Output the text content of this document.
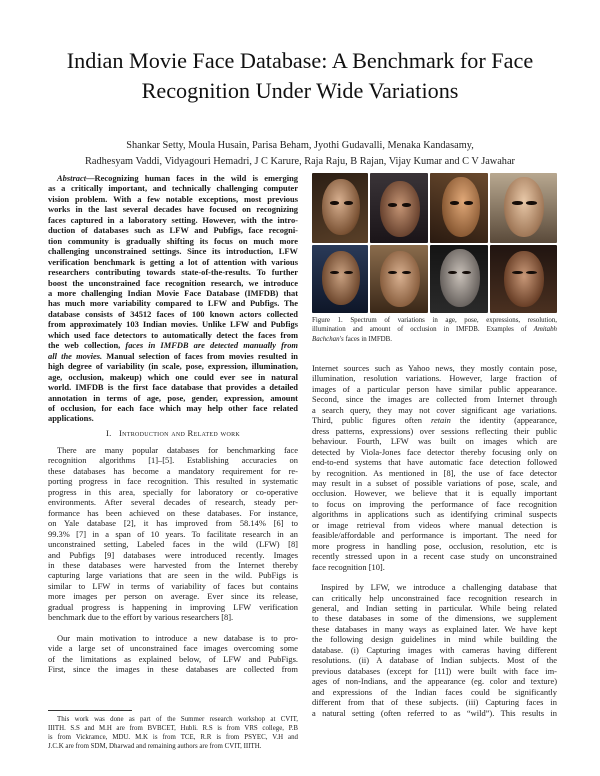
Indian Movie Face Database: A Benchmark for Face
Recognition Under Wide Variations
Shankar Setty, Moula Husain, Parisa Beham, Jyothi Gudavalli, Menaka Kandasamy,
Radhesyam Vaddi, Vidyagouri Hemadri, J C Karure, Raja Raju, B Rajan, Vijay Kumar and C V Jawahar
Abstract—Recognizing human faces in the wild is emerging
as a critically important, and technically challenging computer
vision problem. With a few notable exceptions, most previous
works in the last several decades have focused on recognizing
faces captured in a laboratory setting. However, with the intro-
duction of databases such as LFW and Pubfigs, face recogni-
tion community is gradually shifting its focus on much more
challenging unconstrained settings. Since its introduction, LFW
verification benchmark is getting a lot of attention with various
researchers contributing towards state-of-the-results. To further
boost the unconstrained face recognition research, we introduce
a more challenging Indian Movie Face Database (IMFDB) that
has much more variability compared to LFW and Pubfigs. The
database consists of 34512 faces of 100 known actors collected
from approximately 103 Indian movies. Unlike LFW and Pubfigs
which used face detectors to automatically detect the faces from
the web collection, faces in IMFDB are detected manually from
all the movies. Manual selection of faces from movies resulted in
high degree of variability (in scale, pose, expression, illumination,
age, occlusion, makeup) which one could ever see in natural
world. IMFDB is the first face database that provides a detailed
annotation in terms of age, pose, gender, expression, amount
of occlusion, for each face which may help other face related
applications.
I. Introduction and Related work
There are many popular databases for benchmarking face
recognition algorithms [1]–[5]. Establishing accuracies on
these databases has become a mandatory requirement for re-
porting progress in face recognition. This resulted in systematic
progress in this area, specially for laboratory or co-operative
environments. After several decades of research, steady per-
formance has been achieved on these databases. For instance,
on Yale database [2], it has improved from 58.14% [6] to
99.3% [7] in a span of 10 years. To facilitate research in an
unconstrained setting, Labeled faces in the wild (LFW) [8]
and Pubfigs [9] databases were introduced recently. Images
in these databases were harvested from the Internet thereby
capturing large variations that are seen in the wild. PubFigs is
similar to LFW in terms of variability of faces but contains
more images per person on average. Ever since its release,
gradual progress is happening in improving LFW verification
benchmark due to the effort by various researchers [8].
Our main motivation to introduce a new database is to pro-
vide a large set of unconstrained face images overcoming some
of the limitations as explained below, of LFW and PubFigs.
First, since the images in these databases are collected from
This work was done as part of the Summer research workshop at CVIT,
IIITH. S.S and M.H are from BVBCET, Hubli. R.S is from VRS college, P.B
is from Vickramce, MDU. M.K is from TCE, R.R is from PSYEC, V.H and
J.C.K are from SDM, Dharwad and remaining authors are from CVIT, IIITH.
Figure 1. Spectrum of variations in age, pose, expressions, resolution,
illumination and amount of occlusion in IMFDB. Examples of Amitabh
Bachchan's faces in IMFDB.
Internet sources such as Yahoo news, they mostly contain pose,
illumination, resolution variations. However, large fraction of
images of a particular person have similar public appearance.
Second, since the images are collected from Internet through
a search query, they may not cover significant age variations.
Third, public figures often retain the identity (appearance,
dress patterns, expressions) over sessions reflecting their public
behaviour. Fourth, LFW was built on images which are
detected by Viola-Jones face detector thereby focusing only on
end-to-end systems that have automatic face detection followed
by recognition. As mentioned in [8], the use of face detector
may result in a subset of possible variations of pose, scale, and
occlusion. However, we believe that it is equally important
to focus on improving the performance of face recognition
algorithms in applications such as identifying criminal suspects
or image retrieval from videos where manual detection is
feasible/affordable and performance is important. The need for
more progress in handling pose, occlusion, resolution, etc is
recently stressed upon in a recent case study on unconstrained
face recognition [10].
Inspired by LFW, we introduce a challenging database that
can critically help unconstrained face recognition research in
general, and Indian setting in particular. While being related
to these databases in some of the dimensions, we supplement
these databases in many ways as explained later. We have kept
the following design guidelines in mind while building the
database. (i) Capturing images with cameras having different
resolutions. (ii) A database of Indian subjects. Most of the
previous databases (except for [11]) were built with face im-
ages of non-Indians, and the appearance (eg. color and texture)
and expressions of the Indian faces could be significantly
different from that of these subjects. (iii) Capturing faces in
a natural setting (often referred to as “wild”). This results in
